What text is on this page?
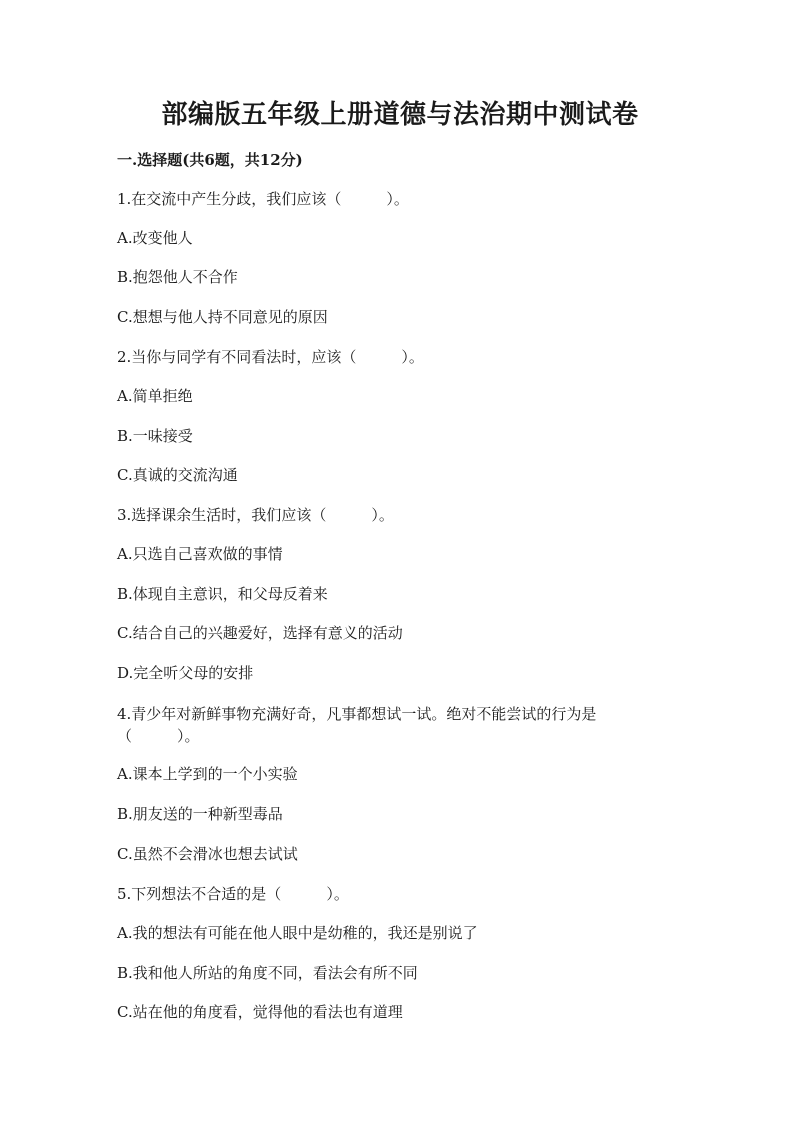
部编版五年级上册道德与法治期中测试卷
一.选择题(共6题，共12分)
1.在交流中产生分歧，我们应该（　　　）。
A.改变他人
B.抱怨他人不合作
C.想想与他人持不同意见的原因
2.当你与同学有不同看法时，应该（　　　）。
A.简单拒绝
B.一味接受
C.真诚的交流沟通
3.选择课余生活时，我们应该（　　　）。
A.只选自己喜欢做的事情
B.体现自主意识，和父母反着来
C.结合自己的兴趣爱好，选择有意义的活动
D.完全听父母的安排
4.青少年对新鲜事物充满好奇，凡事都想试一试。绝对不能尝试的行为是（　　　）。
A.课本上学到的一个小实验
B.朋友送的一种新型毒品
C.虽然不会滑冰也想去试试
5.下列想法不合适的是（　　　）。
A.我的想法有可能在他人眼中是幼稚的，我还是别说了
B.我和他人所站的角度不同，看法会有所不同
C.站在他的角度看，觉得他的看法也有道理
